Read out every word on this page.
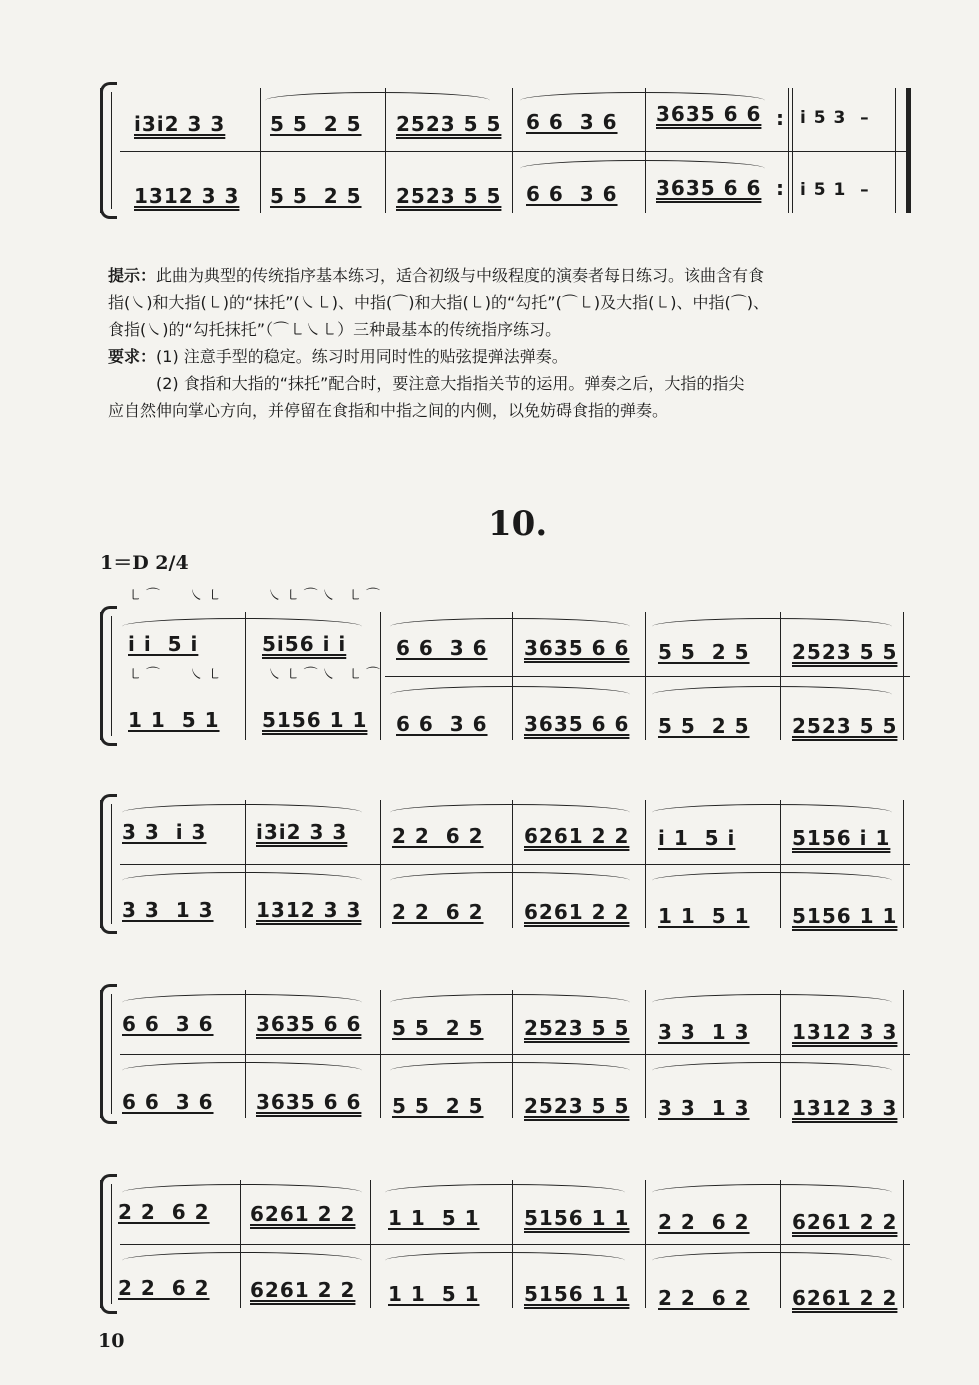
i3i2 3 3 5 5  2 5 2523 5 5 6 6  3 6 3635 6 6
1312 3 3 5 5  2 5 2523 5 5 6 6  3 6 3635 6 6
:
:
i 5 3  –
i 5 1  –

提示：此曲为典型的传统指序基本练习，适合初级与中级程度的演奏者每日练习。该曲含有食

指(㇏)和大指(㇄)的“抹托”(㇏㇄)、中指(⌒)和大指(㇄)的“勾托”(⌒㇄)及大指(㇄)、中指(⌒)、

食指(㇏)的“勾托抹托”（⌒㇄㇏㇄）三种最基本的传统指序练习。

要求：(1) 注意手型的稳定。练习时用同时性的贴弦提弹法弹奏。

(2) 食指和大指的“抹托”配合时，要注意大指指关节的运用。弹奏之后，大指的指尖

应自然伸向掌心方向，并停留在食指和中指之间的内侧，以免妨碍食指的弹奏。

10.
1＝D 2/4
㇄⌒   ㇏㇄     ㇏㇄⌒㇏ ㇄⌒
㇄⌒   ㇏㇄     ㇏㇄⌒㇏ ㇄⌒
i i  5 i	5i56 i i 6 6  3 6 3635 6 6 5 5  2 5 2523 5 5
1 1  5 1 5156 1 1 6 6  3 6 3635 6 6 5 5  2 5 2523 5 5
3 3  i 3 i3i2 3 3 2 2  6 2 6261 2 2 i 1  5 i	5156 i 1
3 3  1 3 1312 3 3 2 2  6 2 6261 2 2 1 1  5 1 5156 1 1
6 6  3 6 3635 6 6 5 5  2 5 2523 5 5 3 3  1 3 1312 3 3
6 6  3 6 3635 6 6 5 5  2 5 2523 5 5 3 3  1 3 1312 3 3
2 2  6 2 6261 2 2 1 1  5 1 5156 1 1 2 2  6 2 6261 2 2
2 2  6 2 6261 2 2 1 1  5 1 5156 1 1 2 2  6 2 6261 2 2
10
